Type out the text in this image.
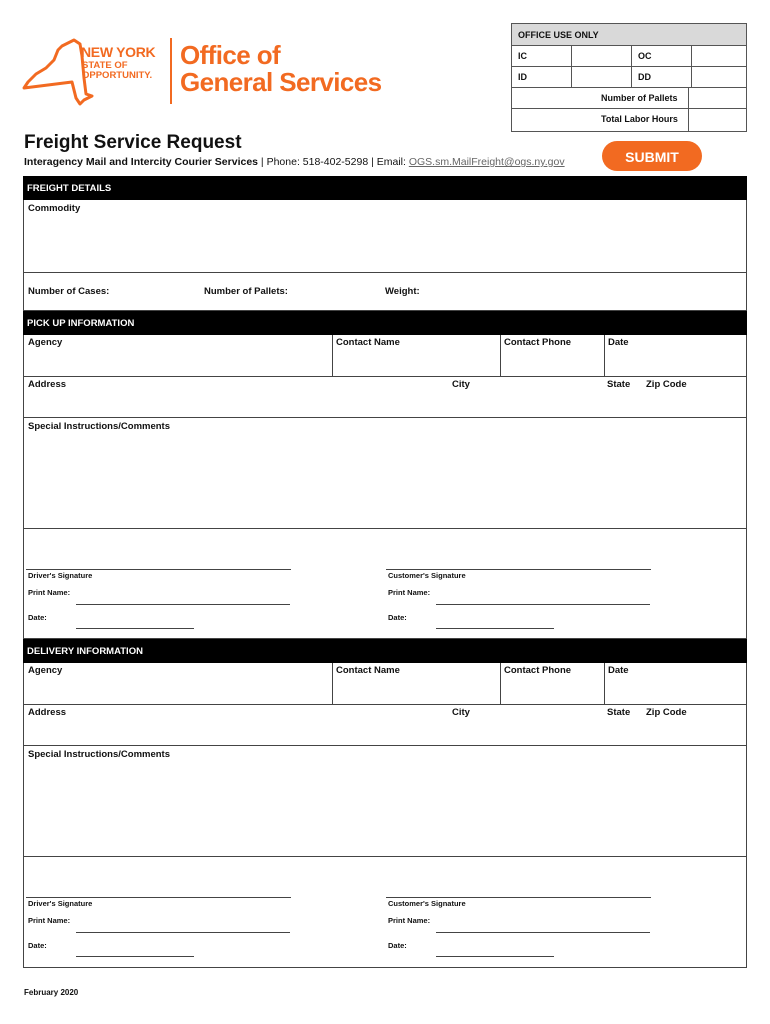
NEW YORK
STATE OF
OPPORTUNITY.
Office of
General Services
OFFICE USE ONLY
IC	OC
ID	DD
Number of Pallets
Total Labor Hours
Freight Service Request
Interagency Mail and Intercity Courier Services | Phone: 518-402-5298 | Email: OGS.sm.MailFreight@ogs.ny.gov	SUBMIT
FREIGHT DETAILS
Commodity
Number of Cases:	Number of Pallets:	Weight:
PICK UP INFORMATION
Agency	Contact Name	Contact Phone	Date
Address	City	State Zip Code
Special Instructions/Comments
Driver's Signature	Customer's Signature
Print Name:	Print Name:
Date:	Date:
DELIVERY INFORMATION
Agency	Contact Name	Contact Phone	Date
Address	City	State Zip Code
Special Instructions/Comments
Driver's Signature	Customer's Signature
Print Name:	Print Name:
Date:	Date:
February 2020
